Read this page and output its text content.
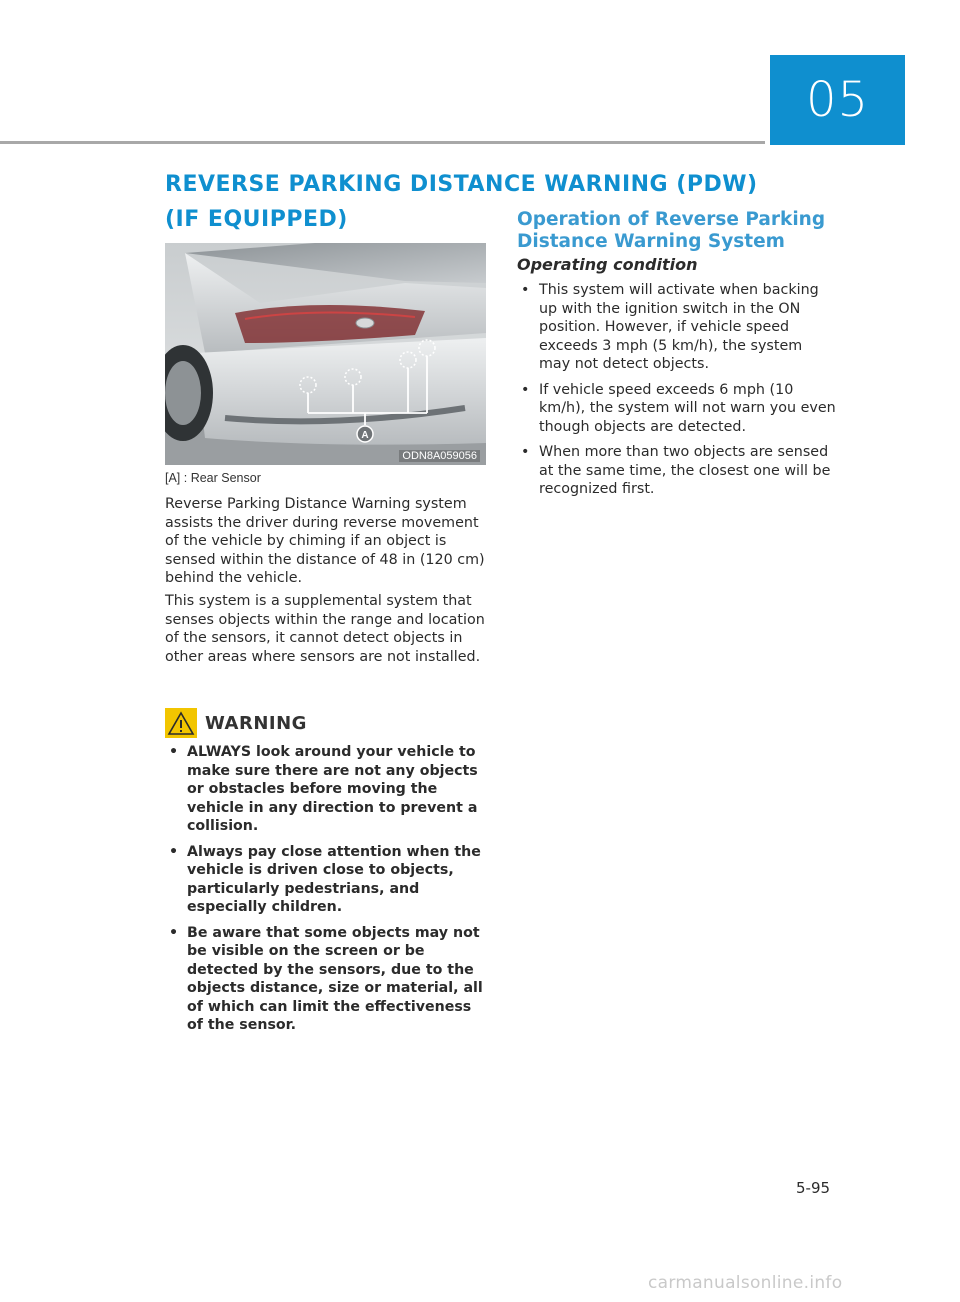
05
REVERSE PARKING DISTANCE WARNING (PDW)
(IF EQUIPPED)
A
ODN8A059056
[A] : Rear Sensor

Reverse Parking Distance Warning system assists the driver during reverse movement of the vehicle by chiming if an object is sensed within the distance of 48 in (120 cm) behind the vehicle.

This system is a supplemental system that senses objects within the range and location of the sensors, it cannot detect objects in other areas where sensors are not installed.

WARNING
• ALWAYS look around your vehicle to make sure there are not any objects or obstacles before moving the vehicle in any direction to prevent a collision.
• Always pay close attention when the vehicle is driven close to objects, particularly pedestrians, and especially children.
• Be aware that some objects may not be visible on the screen or be detected by the sensors, due to the objects distance, size or material, all of which can limit the effectiveness of the sensor.
Operation of Reverse Parking Distance Warning System
Operating condition
• This system will activate when backing up with the ignition switch in the ON position. However, if vehicle speed exceeds 3 mph (5 km/h), the system may not detect objects.
• If vehicle speed exceeds 6 mph (10 km/h), the system will not warn you even though objects are detected.
• When more than two objects are sensed at the same time, the closest one will be recognized first.
5-95
carmanualsonline.info
